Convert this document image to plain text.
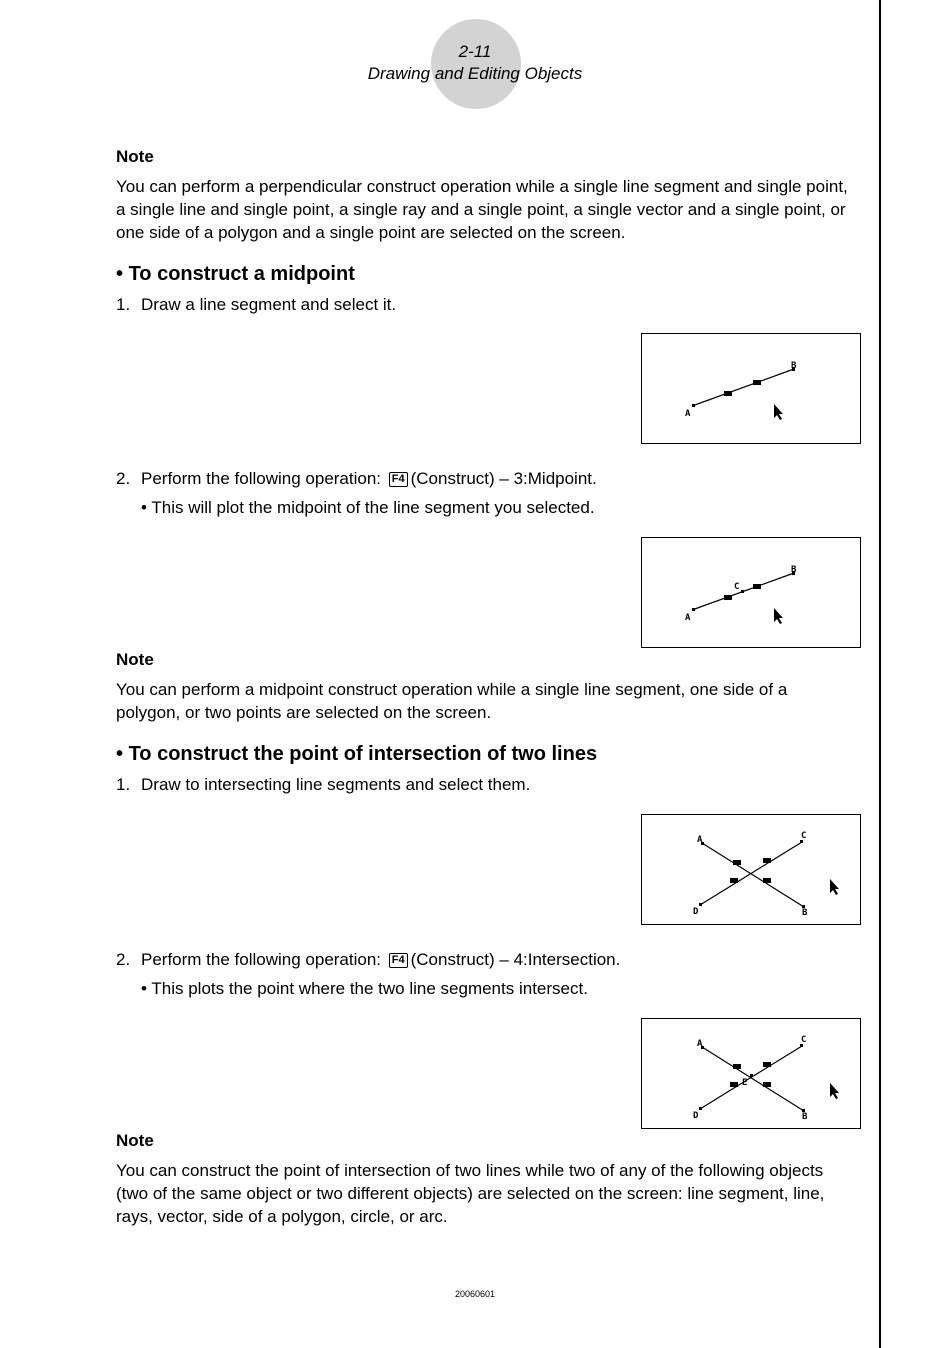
2-11
Drawing and Editing Objects
Note
You can perform a perpendicular construct operation while a single line segment and single point, a single line and single point, a single ray and a single point, a single vector and a single point, or one side of a polygon and a single point are selected on the screen.
• To construct a midpoint
1. Draw a line segment and select it.
A
B
2. Perform the following operation: F4 (Construct) – 3:Midpoint.
• This will plot the midpoint of the line segment you selected.
A
B
C
Note
You can perform a midpoint construct operation while a single line segment, one side of a polygon, or two points are selected on the screen.
• To construct the point of intersection of two lines
1. Draw to intersecting line segments and select them.
A
B
C
D
2. Perform the following operation: F4 (Construct) – 4:Intersection.
• This plots the point where the two line segments intersect.
A
B
C
D
E
Note
You can construct the point of intersection of two lines while two of any of the following objects (two of the same object or two different objects) are selected on the screen: line segment, line, rays, vector, side of a polygon, circle, or arc.
20060601
